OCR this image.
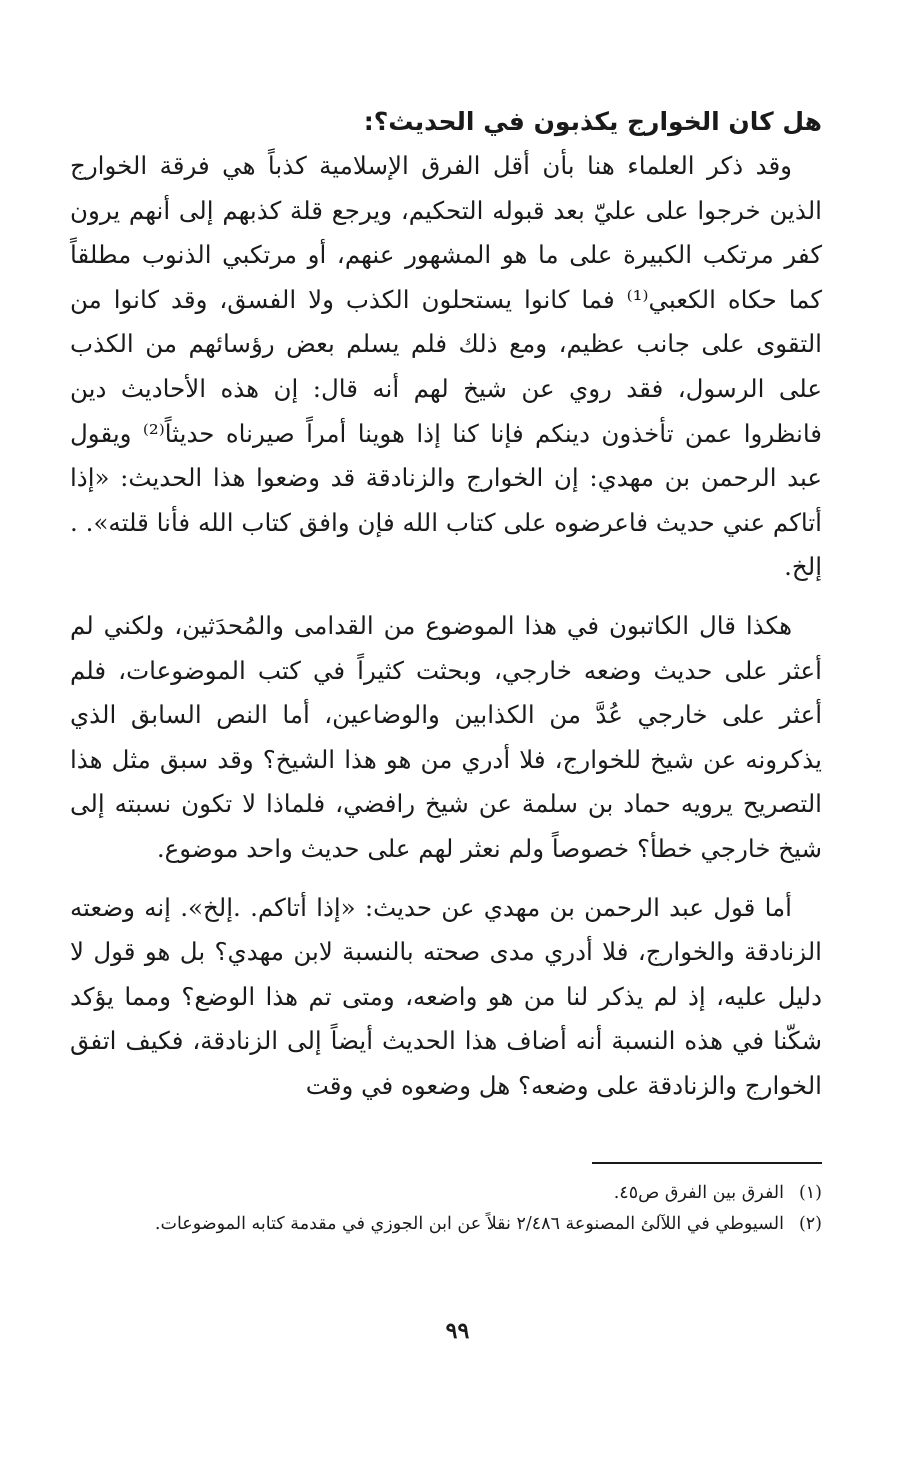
هل كان الخوارج يكذبون في الحديث؟:

وقد ذكر العلماء هنا بأن أقل الفرق الإسلامية كذباً هي فرقة الخوارج الذين خرجوا على عليّ بعد قبوله التحكيم، ويرجع قلة كذبهم إلى أنهم يرون كفر مرتكب الكبيرة على ما هو المشهور عنهم، أو مرتكبي الذنوب مطلقاً كما حكاه الكعبي⁽¹⁾ فما كانوا يستحلون الكذب ولا الفسق، وقد كانوا من التقوى على جانب عظيم، ومع ذلك فلم يسلم بعض رؤسائهم من الكذب على الرسول، فقد روي عن شيخ لهم أنه قال: إن هذه الأحاديث دين فانظروا عمن تأخذون دينكم فإنا كنا إذا هوينا أمراً صيرناه حديثاً⁽²⁾ ويقول عبد الرحمن بن مهدي: إن الخوارج والزنادقة قد وضعوا هذا الحديث: «إذا أتاكم عني حديث فاعرضوه على كتاب الله فإن وافق كتاب الله فأنا قلته». . إلخ.

هكذا قال الكاتبون في هذا الموضوع من القدامى والمُحدَثين، ولكني لم أعثر على حديث وضعه خارجي، وبحثت كثيراً في كتب الموضوعات، فلم أعثر على خارجي عُدَّ من الكذابين والوضاعين، أما النص السابق الذي يذكرونه عن شيخ للخوارج، فلا أدري من هو هذا الشيخ؟ وقد سبق مثل هذا التصريح يرويه حماد بن سلمة عن شيخ رافضي، فلماذا لا تكون نسبته إلى شيخ خارجي خطأ؟ خصوصاً ولم نعثر لهم على حديث واحد موضوع.

أما قول عبد الرحمن بن مهدي عن حديث: «إذا أتاكم. .إلخ». إنه وضعته الزنادقة والخوارج، فلا أدري مدى صحته بالنسبة لابن مهدي؟ بل هو قول لا دليل عليه، إذ لم يذكر لنا من هو واضعه، ومتى تم هذا الوضع؟ ومما يؤكد شكّنا في هذه النسبة أنه أضاف هذا الحديث أيضاً إلى الزنادقة، فكيف اتفق الخوارج والزنادقة على وضعه؟ هل وضعوه في وقت

(١)
الفرق بين الفرق ص٤٥.
(٢)
السيوطي في اللآلئ المصنوعة ٢/٤٨٦ نقلاً عن ابن الجوزي في مقدمة كتابه الموضوعات.
٩٩
